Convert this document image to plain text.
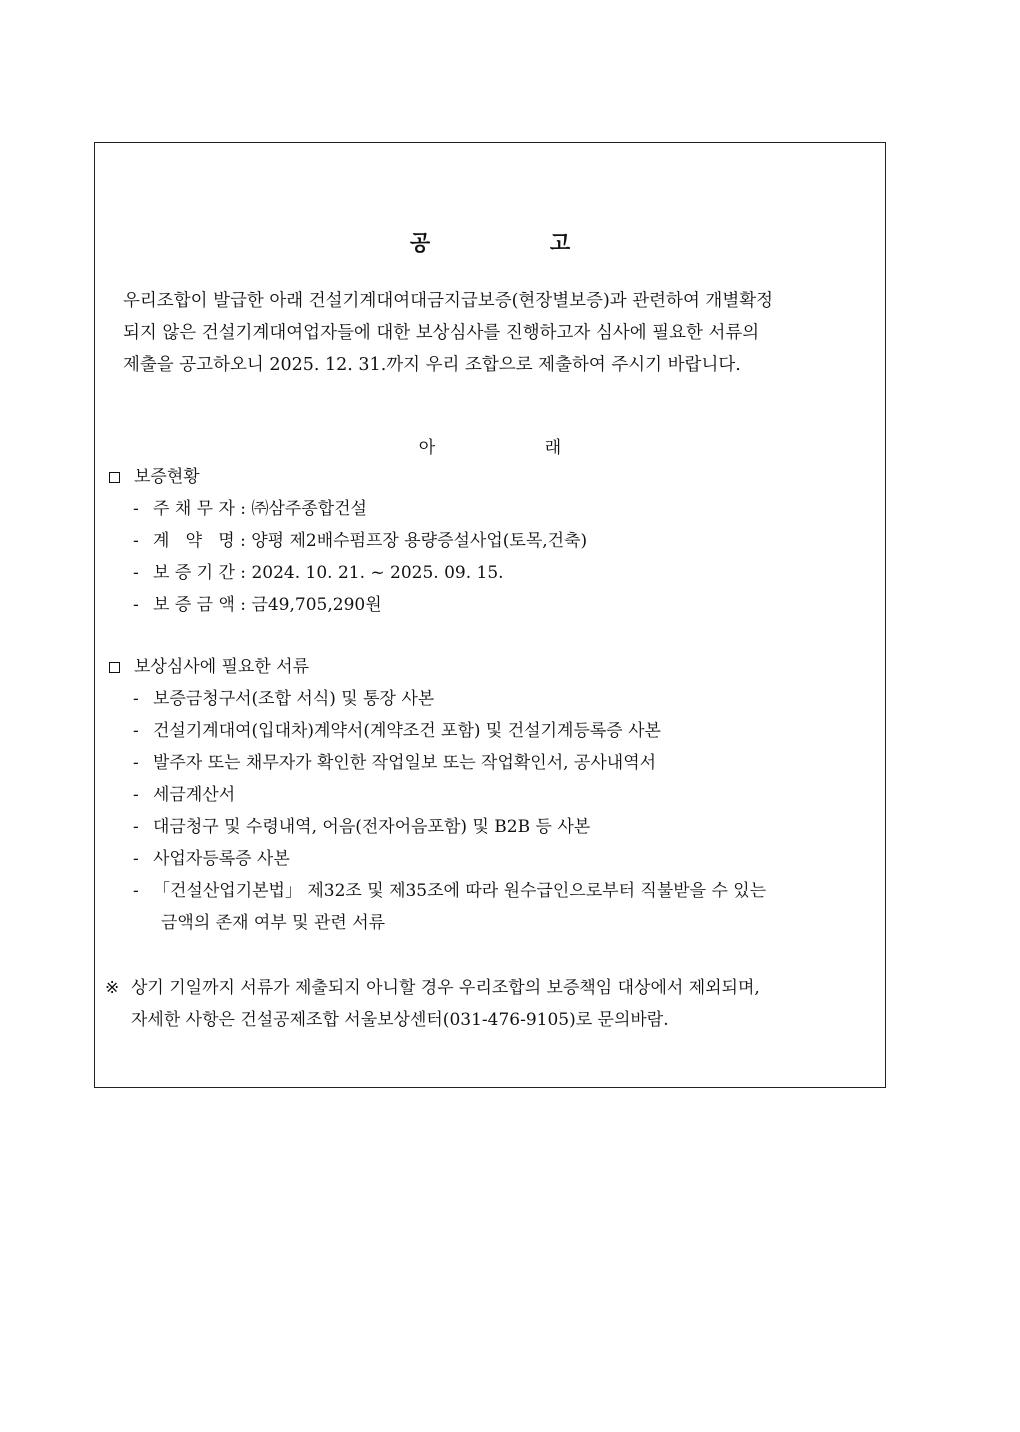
공	고
우리조합이 발급한 아래 건설기계대여대금지급보증(현장별보증)과 관련하여 개별확정
되지 않은 건설기계대여업자들에 대한 보상심사를 진행하고자 심사에 필요한 서류의
제출을 공고하오니 2025. 12. 31.까지 우리 조합으로 제출하여 주시기 바랍니다.
아	래
보증현황
- 주 채 무 자 : ㈜삼주종합건설
- 계   약   명 : 양평 제2배수펌프장 용량증설사업(토목,건축)
- 보 증 기 간 : 2024. 10. 21. ~ 2025. 09. 15.
- 보 증 금 액 : 금49,705,290원
보상심사에 필요한 서류
- 보증금청구서(조합 서식) 및 통장 사본
- 건설기계대여(입대차)계약서(계약조건 포함) 및 건설기계등록증 사본
- 발주자 또는 채무자가 확인한 작업일보 또는 작업확인서, 공사내역서
- 세금계산서
- 대금청구 및 수령내역, 어음(전자어음포함) 및 B2B 등 사본
- 사업자등록증 사본
- 「건설산업기본법」 제32조 및 제35조에 따라 원수급인으로부터 직불받을 수 있는
금액의 존재 여부 및 관련 서류
※ 상기 기일까지 서류가 제출되지 아니할 경우 우리조합의 보증책임 대상에서 제외되며,
자세한 사항은 건설공제조합 서울보상센터(031-476-9105)로 문의바람.
